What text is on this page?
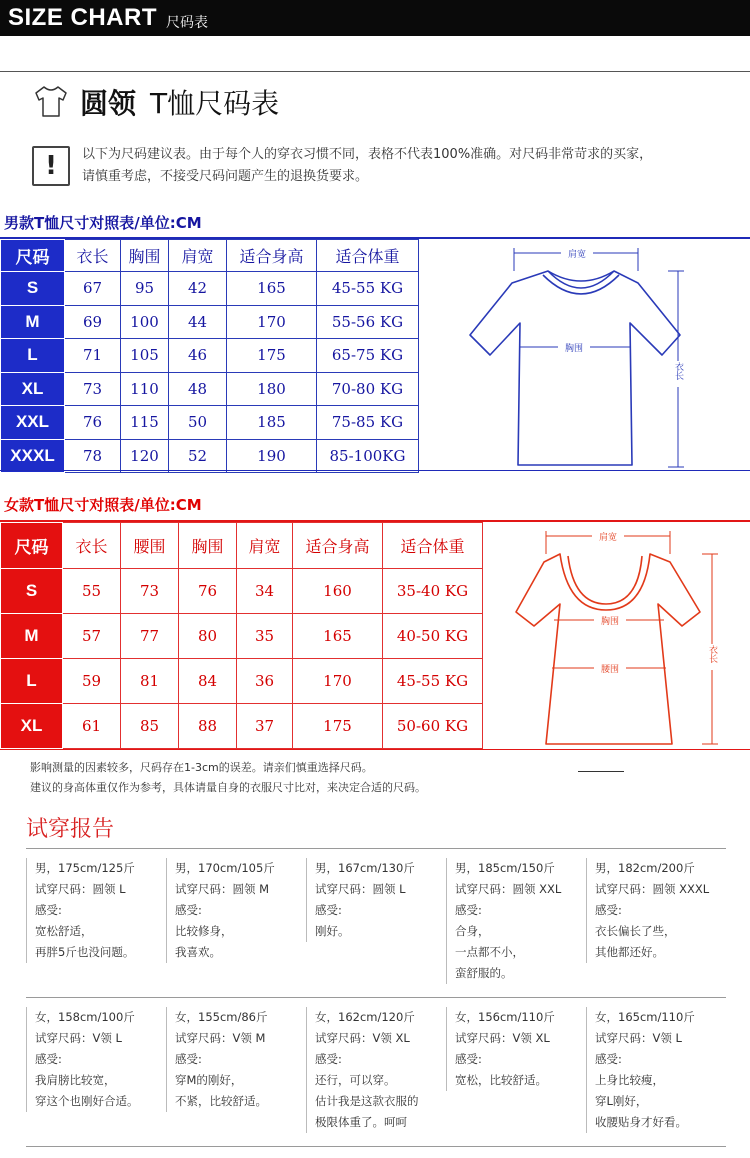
SIZE CHART 尺码表
圆领 T恤尺码表
!	以下为尺码建议表。由于每个人的穿衣习惯不同，表格不代表100%准确。对尺码非常苛求的买家，
请慎重考虑，不接受尺码问题产生的退换货要求。
男款T恤尺寸对照表/单位:CM
尺码	衣长	胸围	肩宽	适合身高	适合体重
S	67	95	42	165	45-55 KG
M	69	100	44	170	55-56 KG
L	71	105	46	175	65-75 KG
XL	73	110	48	180	70-80 KG
XXL	76	115	50	185	75-85 KG
XXXL	78	120	52	190	85-100KG
肩宽
胸围
衣长
女款T恤尺寸对照表/单位:CM
尺码	衣长	腰围	胸围	肩宽	适合身高	适合体重
S	55	73	76	34	160	35-40 KG
M	57	77	80	35	165	40-50 KG
L	59	81	84	36	170	45-55 KG
XL	61	85	88	37	175	50-60 KG
肩宽
胸围
腰围
衣长
影响测量的因素较多，尺码存在1-3cm的误差。请亲们慎重选择尺码。
建议的身高体重仅作为参考，具体请量自身的衣服尺寸比对，来决定合适的尺码。
试穿报告
男，175cm/125斤
试穿尺码：圆领 L
感受:
宽松舒适，
再胖5斤也没问题。
男，170cm/105斤
试穿尺码：圆领 M
感受:
比较修身，
我喜欢。
男，167cm/130斤
试穿尺码：圆领 L
感受:
刚好。
男，185cm/150斤
试穿尺码：圆领 XXL
感受:
合身，
一点都不小，
蛮舒服的。
男，182cm/200斤
试穿尺码：圆领 XXXL
感受:
衣长偏长了些，
其他都还好。
女，158cm/100斤
试穿尺码：V领 L
感受:
我肩膀比较宽，
穿这个也刚好合适。
女，155cm/86斤
试穿尺码：V领 M
感受:
穿M的刚好，
不紧，比较舒适。
女，162cm/120斤
试穿尺码：V领 XL
感受:
还行，可以穿。
估计我是这款衣服的
极限体重了。呵呵
女，156cm/110斤
试穿尺码：V领 XL
感受:
宽松，比较舒适。
女，165cm/110斤
试穿尺码：V领 L
感受:
上身比较瘦，
穿L刚好，
收腰贴身才好看。
